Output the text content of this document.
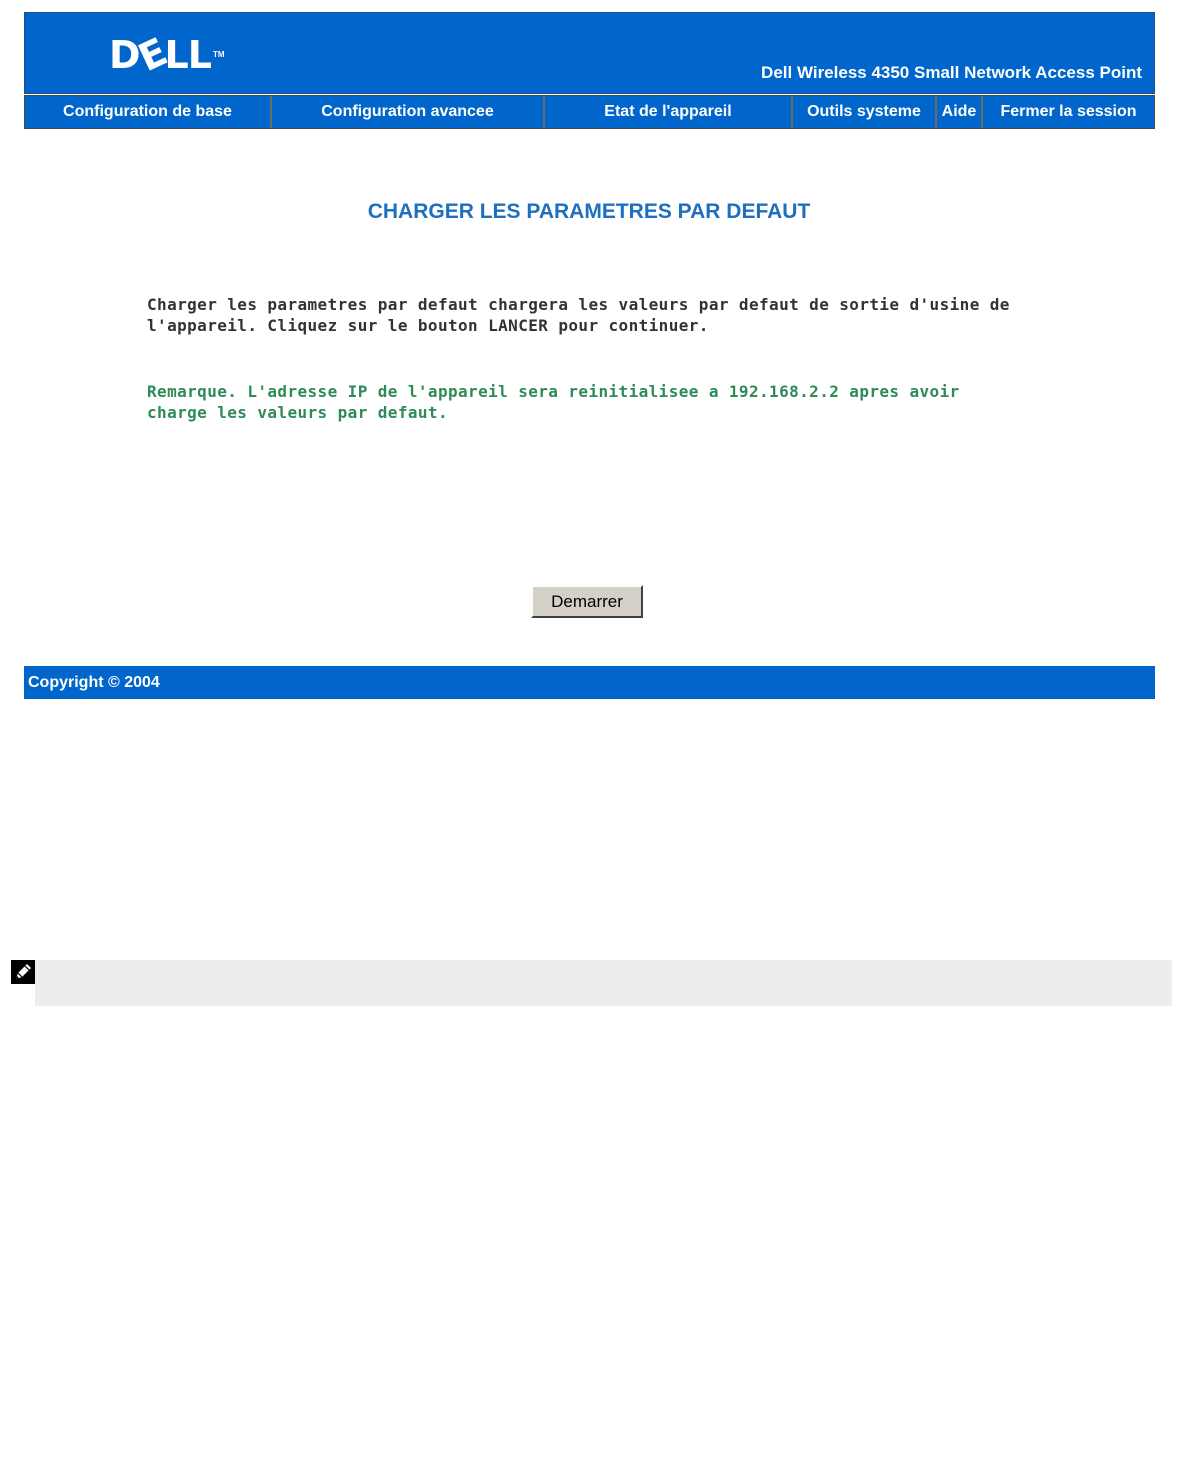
DELL ™
Dell Wireless 4350 Small Network Access Point
Configuration de base	Configuration avancee	Etat de l'appareil	Outils systeme	Aide	Fermer la session
CHARGER LES PARAMETRES PAR DEFAUT

Charger les parametres par defaut chargera les valeurs par defaut de sortie d'usine de l'appareil. Cliquez sur le bouton LANCER pour continuer.

Remarque. L'adresse IP de l'appareil sera reinitialisee a 192.168.2.2 apres avoir charge les valeurs par defaut.

Demarrer
Copyright © 2004
